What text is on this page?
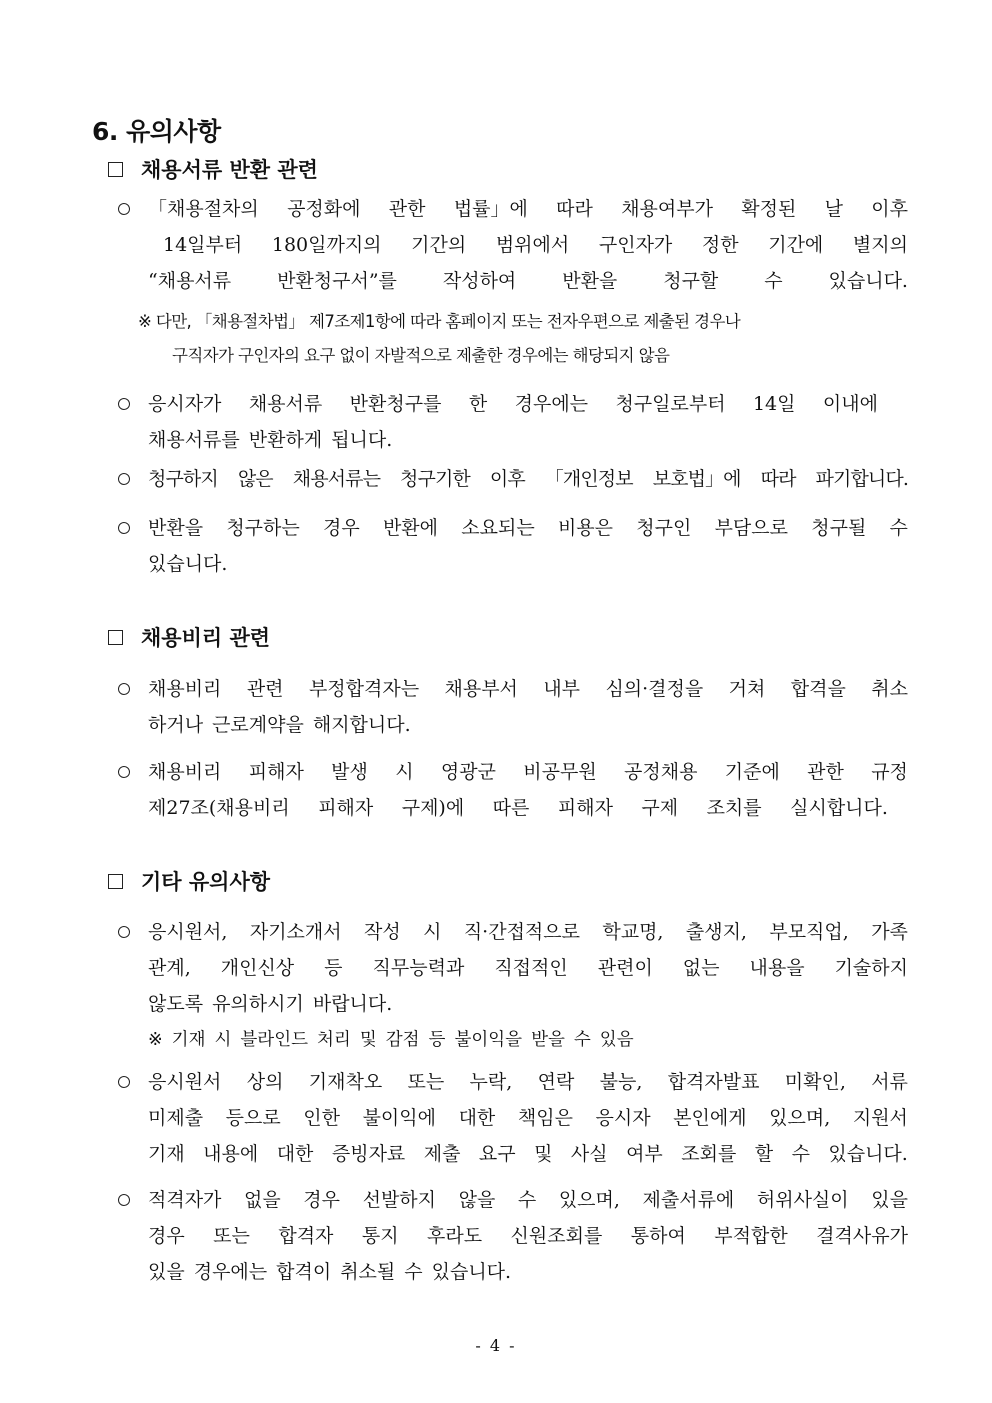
6. 유의사항
채용서류 반환 관련
「채용절차의 공정화에 관한 법률」에 따라 채용여부가 확정된 날 이후
14일부터 180일까지의 기간의 범위에서 구인자가 정한 기간에 별지의
“채용서류 반환청구서”를 작성하여 반환을 청구할 수 있습니다.
※ 다만, 「채용절차법」 제7조제1항에 따라 홈페이지 또는 전자우편으로 제출된 경우나
구직자가 구인자의 요구 없이 자발적으로 제출한 경우에는 해당되지 않음
응시자가 채용서류 반환청구를 한 경우에는 청구일로부터 14일 이내에
채용서류를 반환하게 됩니다.
청구하지 않은 채용서류는 청구기한 이후 「개인정보 보호법」에 따라 파기합니다.
반환을 청구하는 경우 반환에 소요되는 비용은 청구인 부담으로 청구될 수
있습니다.
채용비리 관련
채용비리 관련 부정합격자는 채용부서 내부 심의·결정을 거쳐 합격을 취소
하거나 근로계약을 해지합니다.
채용비리 피해자 발생 시 영광군 비공무원 공정채용 기준에 관한 규정
제27조(채용비리 피해자 구제)에 따른 피해자 구제 조치를 실시합니다.
기타 유의사항
응시원서, 자기소개서 작성 시 직·간접적으로 학교명, 출생지, 부모직업, 가족
관계, 개인신상 등 직무능력과 직접적인 관련이 없는 내용을 기술하지
않도록 유의하시기 바랍니다.
※ 기재 시 블라인드 처리 및 감점 등 불이익을 받을 수 있음
응시원서 상의 기재착오 또는 누락, 연락 불능, 합격자발표 미확인, 서류
미제출 등으로 인한 불이익에 대한 책임은 응시자 본인에게 있으며, 지원서
기재 내용에 대한 증빙자료 제출 요구 및 사실 여부 조회를 할 수 있습니다.
적격자가 없을 경우 선발하지 않을 수 있으며, 제출서류에 허위사실이 있을
경우 또는 합격자 통지 후라도 신원조회를 통하여 부적합한 결격사유가
있을 경우에는 합격이 취소될 수 있습니다.
- 4 -
